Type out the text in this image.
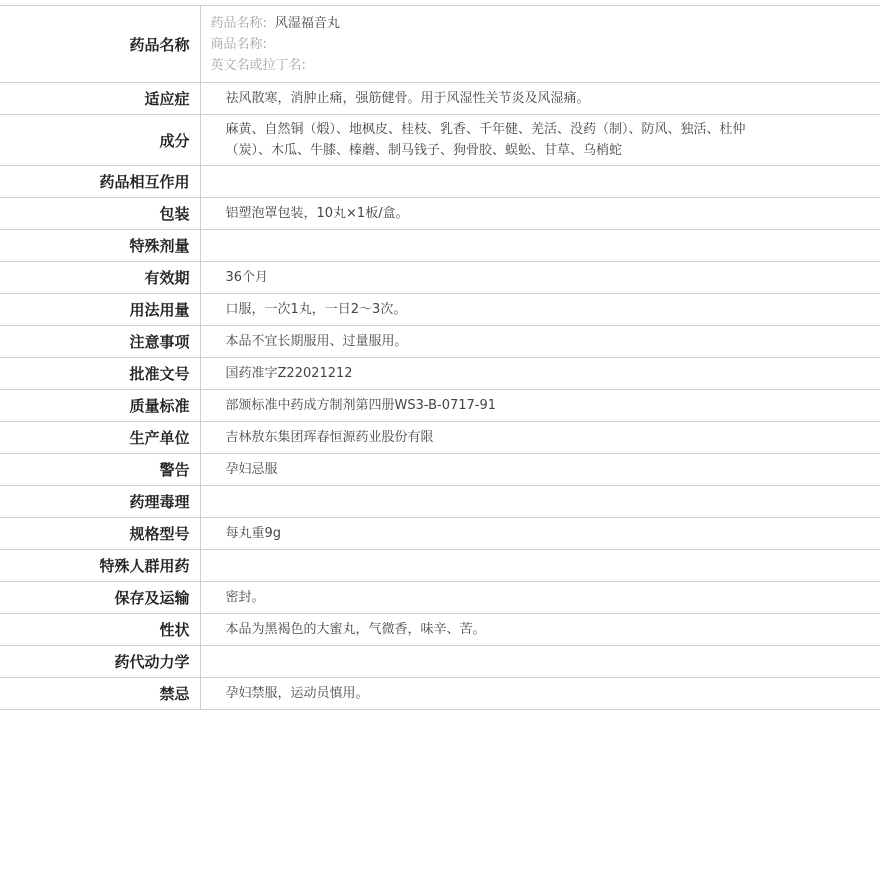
药品名称	药品名称: 风湿福音丸
商品名称:
英文名或拉丁名:

适应症	祛风散寒，消肿止痛，强筋健骨。用于风湿性关节炎及风湿痛。
成分	麻黄、自然铜（煅）、地枫皮、桂枝、乳香、千年健、羌活、没药（制）、防风、独活、杜仲（炭）、木瓜、牛膝、榛蘑、制马钱子、狗骨胶、蜈蚣、甘草、乌梢蛇
药品相互作用	
包装	铝塑泡罩包装，10丸×1板/盒。
特殊剂量	
有效期	36个月
用法用量	口服，一次1丸，一日2～3次。
注意事项	本品不宜长期服用、过量服用。
批准文号	国药准字Z22021212
质量标准	部颁标准中药成方制剂第四册WS3-B-0717-91
生产单位	吉林敖东集团珲春恒源药业股份有限
警告	孕妇忌服
药理毒理	
规格型号	每丸重9g
特殊人群用药	
保存及运输	密封。
性状	本品为黑褐色的大蜜丸，气微香，味辛、苦。
药代动力学	
禁忌	孕妇禁服，运动员慎用。
